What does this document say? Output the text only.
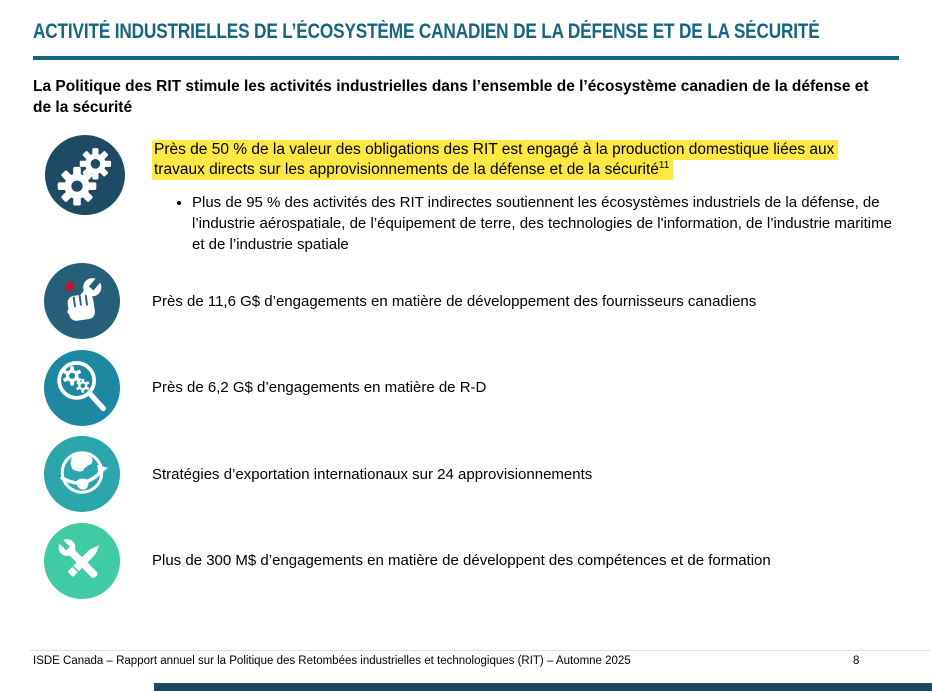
ACTIVITÉ INDUSTRIELLES DE L’ÉCOSYSTÈME CANADIEN DE LA DÉFENSE ET DE LA SÉCURITÉ

La Politique des RIT stimule les activités industrielles dans l’ensemble de l’écosystème canadien de la défense et de la sécurité

Près de 50 % de la valeur des obligations des RIT est engagé à la production domestique liées aux travaux directs sur les approvisionnements de la défense et de la sécurité$^{11}$

• Plus de 95 % des activités des RIT indirectes soutiennent les écosystèmes industriels de la défense, de l’industrie aérospatiale, de l’équipement de terre, des technologies de l'information, de l’industrie maritime et de l’industrie spatiale

Près de 11,6 G$ d’engagements en matière de développement des fournisseurs canadiens

Près de 6,2 G$ d’engagements en matière de R-D

Stratégies d’exportation internationaux sur 24 approvisionnements

Plus de 300 M$ d’engagements en matière de développent des compétences et de formation

ISDE Canada – Rapport annuel sur la Politique des Retombées industrielles et technologiques (RIT) – Automne 2025	8
